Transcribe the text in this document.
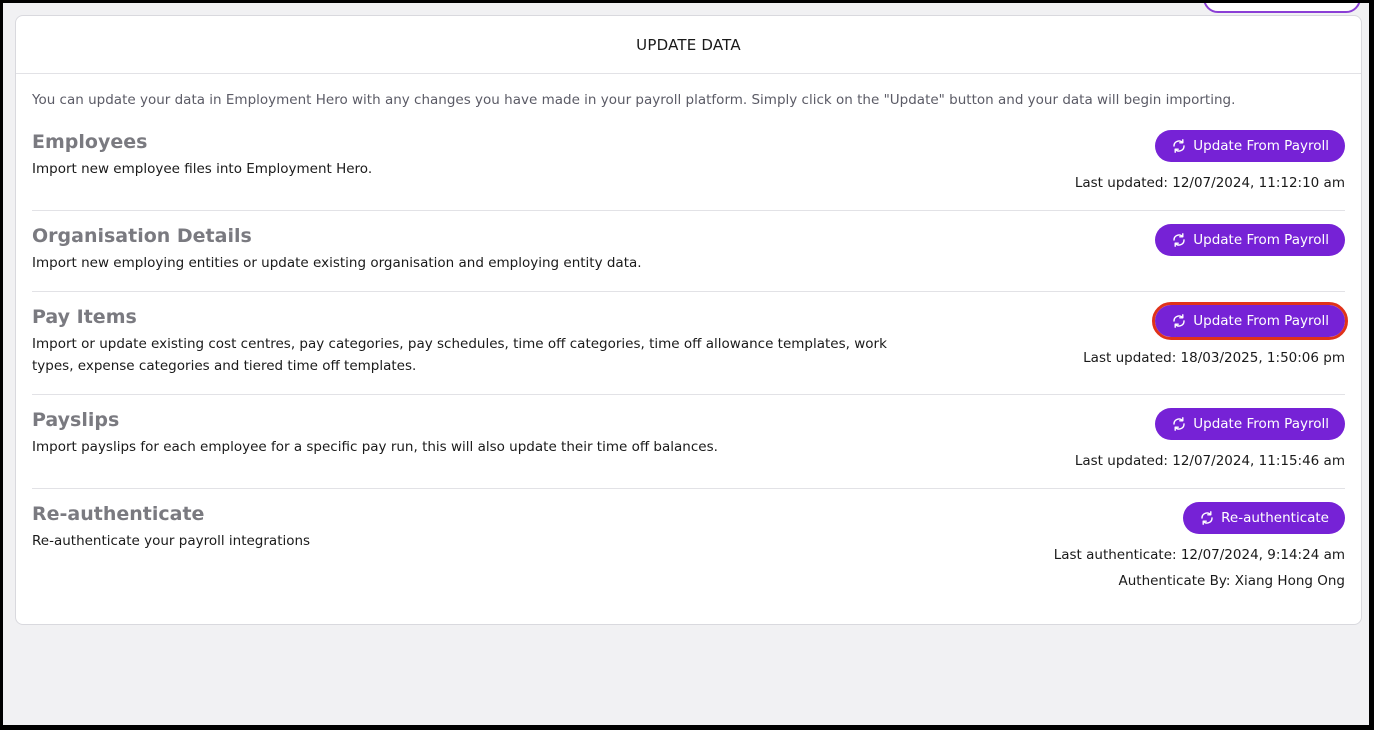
UPDATE DATA
You can update your data in Employment Hero with any changes you have made in your payroll platform. Simply click on the "Update" button and your data will begin importing.
Employees
Import new employee files into Employment Hero.
Update From Payroll
Last updated: 12/07/2024, 11:12:10 am
Organisation Details
Import new employing entities or update existing organisation and employing entity data.
Update From Payroll
Pay Items
Import or update existing cost centres, pay categories, pay schedules, time off categories, time off allowance templates, work types, expense categories and tiered time off templates.
Update From Payroll
Last updated: 18/03/2025, 1:50:06 pm
Payslips
Import payslips for each employee for a specific pay run, this will also update their time off balances.
Update From Payroll
Last updated: 12/07/2024, 11:15:46 am
Re-authenticate
Re-authenticate your payroll integrations
Re-authenticate
Last authenticate: 12/07/2024, 9:14:24 am
Authenticate By: Xiang Hong Ong
